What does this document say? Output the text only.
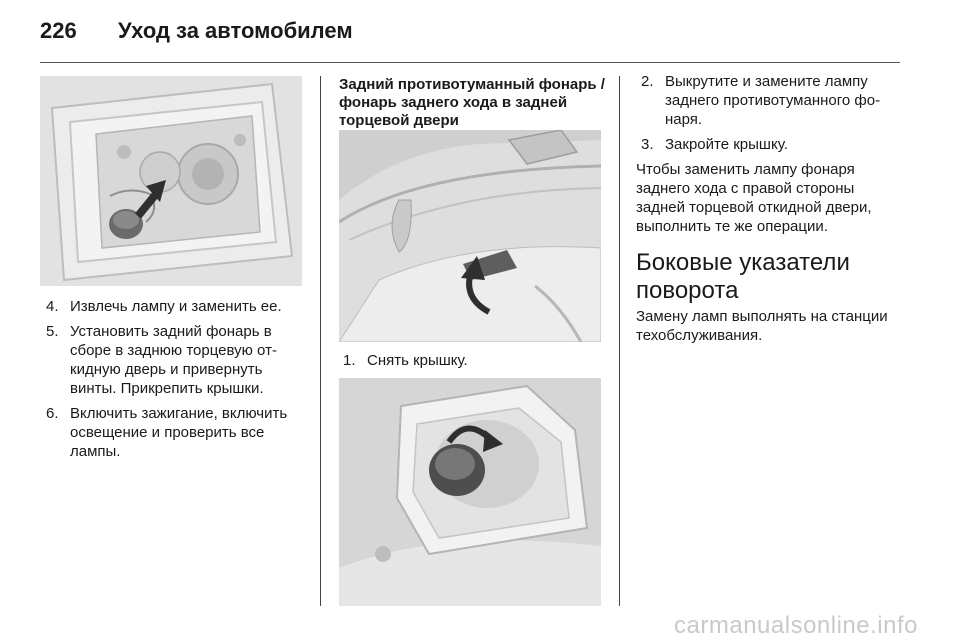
226 Уход за автомобилем
4. Извлечь лампу и заменить ее.
5. Установить задний фонарь в сборе в заднюю торцевую откидную дверь и привернуть винты. Прикрепить крышки.
6. Включить зажигание, включить освещение и проверить все лампы.
Задний противотуманный фонарь / фонарь заднего хода в задней торцевой двери
1. Снять крышку.
2. Выкрутите и замените лампу заднего противотуманного фонаря.
3. Закройте крышку.

Чтобы заменить лампу фонаря заднего хода с правой стороны задней торцевой откидной двери, выполнить те же операции.

Боковые указатели поворота

Замену ламп выполнять на станции техобслуживания.

carmanualsonline.info
